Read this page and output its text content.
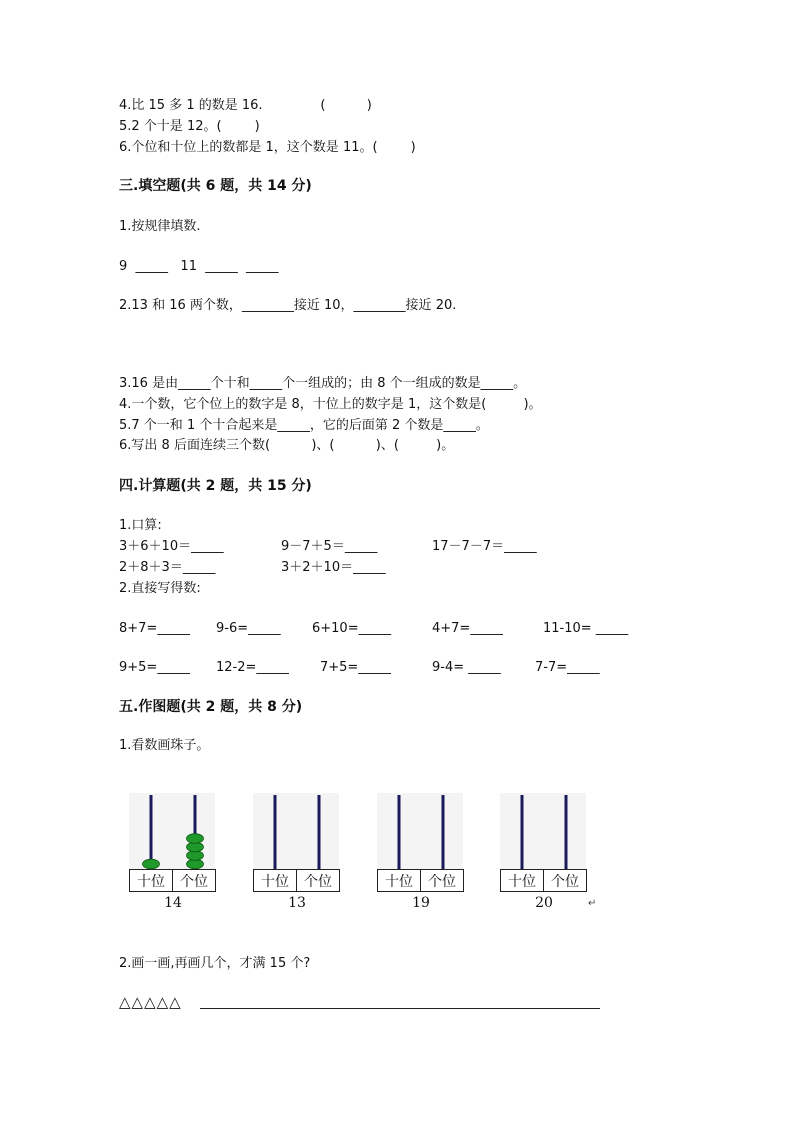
4.比 15 多 1 的数是 16.              (          )
5.2 个十是 12。(        )
6.个位和十位上的数都是 1，这个数是 11。(        )
三.填空题(共 6 题，共 14 分)
1.按规律填数.
9  _____   11  _____  _____
2.13 和 16 两个数，________接近 10，________接近 20.
3.16 是由_____个十和_____个一组成的；由 8 个一组成的数是_____。
4.一个数，它个位上的数字是 8，十位上的数字是 1，这个数是(         )。
5.7 个一和 1 个十合起来是_____，它的后面第 2 个数是_____。
6.写出 8 后面连续三个数(          )、(          )、(         )。
四.计算题(共 2 题，共 15 分)
1.口算:
3＋6＋10＝_____	9－7＋5＝_____	17－7－7＝_____
2＋8＋3＝_____	3＋2＋10＝_____
2.直接写得数:
8+7=_____ 9-6=_____ 6+10=_____	4+7=_____	11-10= _____
9+5=_____ 12-2=_____ 7+5=_____	9-4= _____	7-7=_____
五.作图题(共 2 题，共 8 分)
1.看数画珠子。
十位 个位
14
十位 个位
13
十位 个位
19
十位 个位
20	↵
2.画一画,再画几个，才满 15 个?
△△△△△
